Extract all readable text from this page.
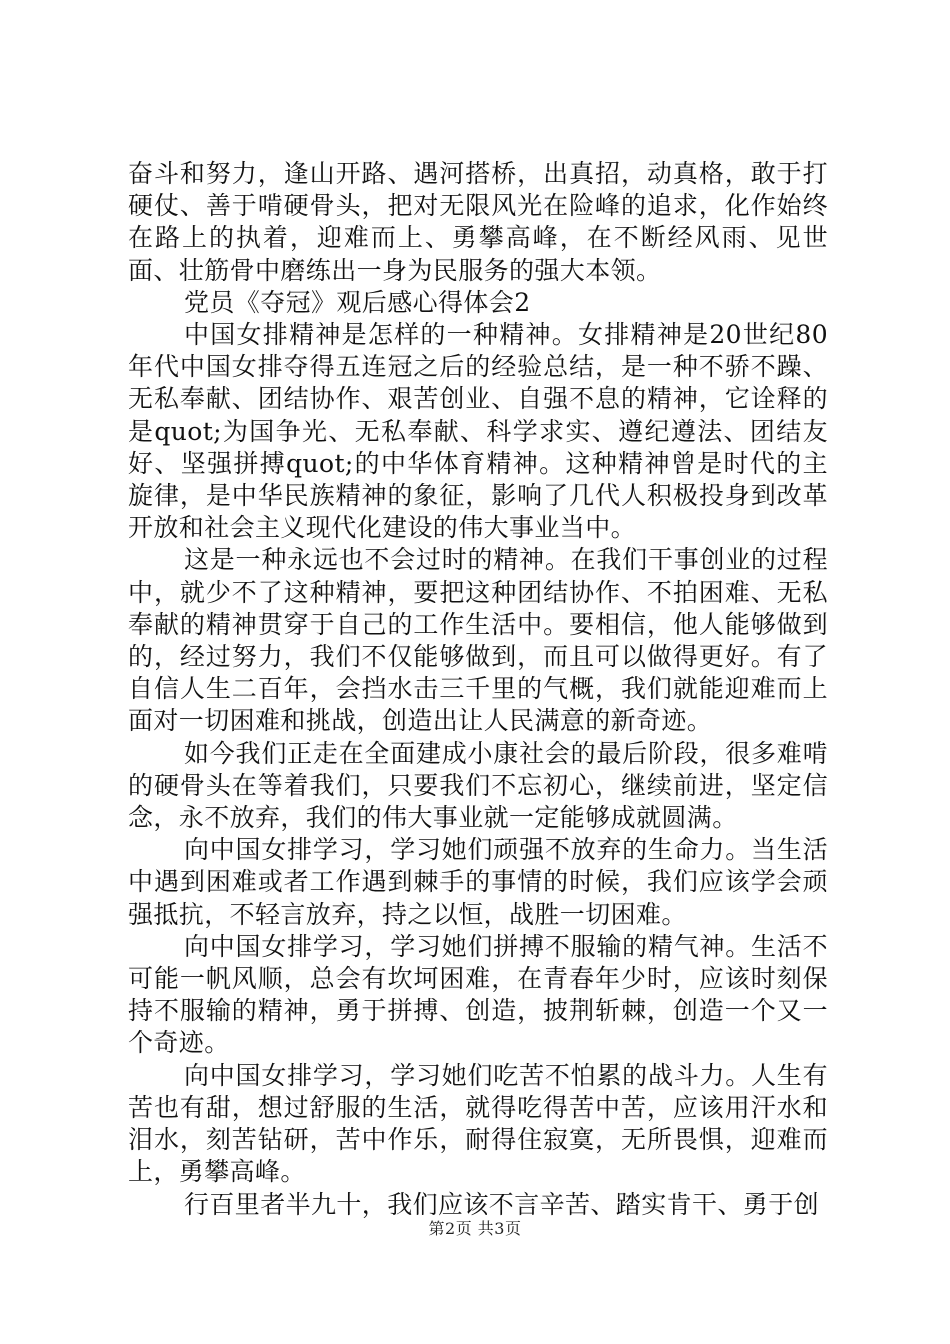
奋斗和努力，逢山开路、遇河搭桥，出真招，动真格，敢于打硬仗、善于啃硬骨头，把对无限风光在险峰的追求，化作始终在路上的执着，迎难而上、勇攀高峰，在不断经风雨、见世面、壮筋骨中磨练出一身为民服务的强大本领。

党员《夺冠》观后感心得体会2

中国女排精神是怎样的一种精神。女排精神是20世纪80年代中国女排夺得五连冠之后的经验总结，是一种不骄不躁、无私奉献、团结协作、艰苦创业、自强不息的精神，它诠释的是quot;为国争光、无私奉献、科学求实、遵纪遵法、团结友好、坚强拼搏quot;的中华体育精神。这种精神曾是时代的主旋律，是中华民族精神的象征，影响了几代人积极投身到改革开放和社会主义现代化建设的伟大事业当中。

这是一种永远也不会过时的精神。在我们干事创业的过程中，就少不了这种精神，要把这种团结协作、不拍困难、无私奉献的精神贯穿于自己的工作生活中。要相信，他人能够做到的，经过努力，我们不仅能够做到，而且可以做得更好。有了自信人生二百年，会挡水击三千里的气概，我们就能迎难而上面对一切困难和挑战，创造出让人民满意的新奇迹。

如今我们正走在全面建成小康社会的最后阶段，很多难啃的硬骨头在等着我们，只要我们不忘初心，继续前进，坚定信念，永不放弃，我们的伟大事业就一定能够成就圆满。

向中国女排学习，学习她们顽强不放弃的生命力。当生活中遇到困难或者工作遇到棘手的事情的时候，我们应该学会顽强抵抗，不轻言放弃，持之以恒，战胜一切困难。

向中国女排学习，学习她们拼搏不服输的精气神。生活不可能一帆风顺，总会有坎坷困难，在青春年少时，应该时刻保持不服输的精神，勇于拼搏、创造，披荆斩棘，创造一个又一个奇迹。

向中国女排学习，学习她们吃苦不怕累的战斗力。人生有苦也有甜，想过舒服的生活，就得吃得苦中苦，应该用汗水和泪水，刻苦钻研，苦中作乐，耐得住寂寞，无所畏惧，迎难而上，勇攀高峰。

行百里者半九十，我们应该不言辛苦、踏实肯干、勇于创

第2页 共3页
